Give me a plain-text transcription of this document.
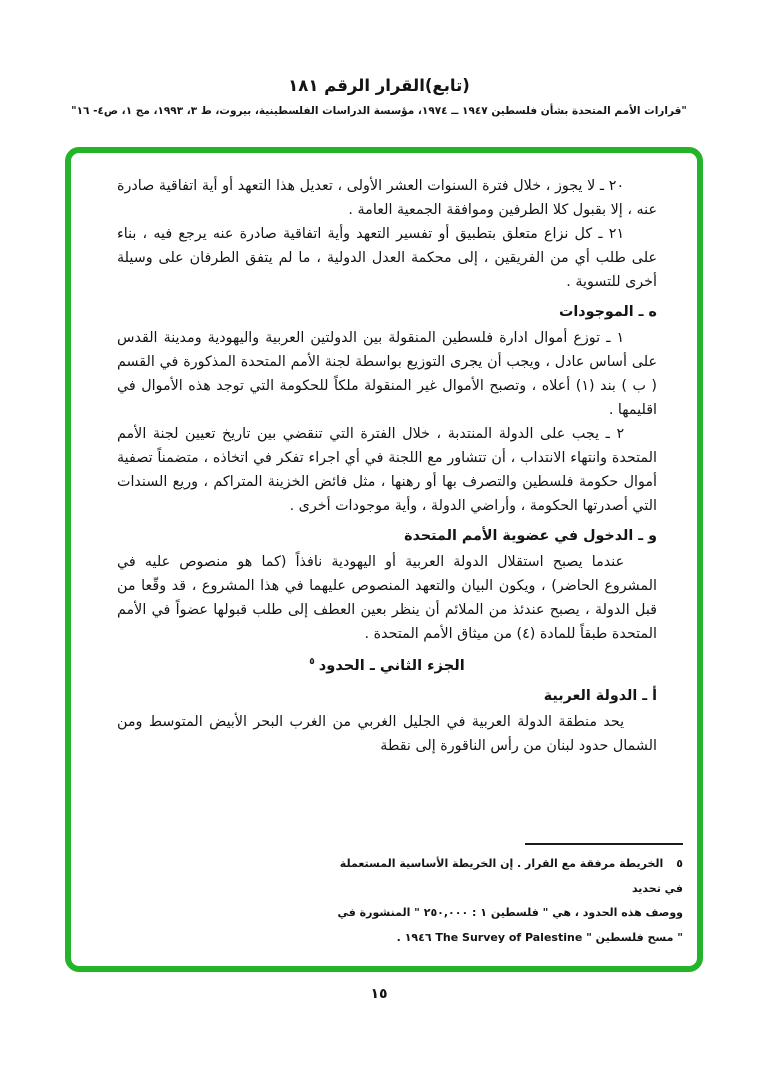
(تابع)القرار الرقم ١٨١
"قرارات الأمم المتحدة بشأن فلسطين ١٩٤٧ ــ ١٩٧٤، مؤسسة الدراسات الفلسطينية، بيروت، ط ٣، ١٩٩٣، مج ١، ص٤- ١٦"

٢٠ ـ لا يجوز ، خلال فترة السنوات العشر الأولى ، تعديل هذا التعهد أو أية اتفاقية صادرة عنه ، إلا بقبول كلا الطرفين وموافقة الجمعية العامة .

٢١ ـ كل نزاع متعلق بتطبيق أو تفسير التعهد وأية اتفاقية صادرة عنه يرجع فيه ، بناء على طلب أي من الفريقين ، إلى محكمة العدل الدولية ، ما لم يتفق الطرفان على وسيلة أخرى للتسوية .

ه ـ الموجودات

١ ـ توزع أموال ادارة فلسطين المنقولة بين الدولتين العربية واليهودية ومدينة القدس على أساس عادل ، ويجب أن يجرى التوزيع بواسطة لجنة الأمم المتحدة المذكورة في القسم ( ب ) بند (١) أعلاه ، وتصبح الأموال غير المنقولة ملكاً للحكومة التي توجد هذه الأموال في اقليمها .

٢ ـ يجب على الدولة المنتدبة ، خلال الفترة التي تنقضي بين تاريخ تعيين لجنة الأمم المتحدة وانتهاء الانتداب ، أن تتشاور مع اللجنة في أي اجراء تفكر في اتخاذه ، متضمناً تصفية أموال حكومة فلسطين والتصرف بها أو رهنها ، مثل فائض الخزينة المتراكم ، وريع السندات التي أصدرتها الحكومة ، وأراضي الدولة ، وأية موجودات أخرى .

و ـ الدخول في عضوية الأمم المتحدة

عندما يصبح استقلال الدولة العربية أو اليهودية نافذاً (كما هو منصوص عليه في المشروع الحاضر) ، ويكون البيان والتعهد المنصوص عليهما في هذا المشروع ، قد وقّعا من قبل الدولة ، يصبح عندئذ من الملائم أن ينظر بعين العطف إلى طلب قبولها عضواً في الأمم المتحدة طبقاً للمادة (٤) من ميثاق الأمم المتحدة .

الجزء الثاني ـ الحدود$^٥$
أ ـ الدولة العربية

يحد منطقة الدولة العربية في الجليل الغربي من الغرب البحر الأبيض المتوسط ومن الشمال حدود لبنان من رأس الناقورة إلى نقطة

٥الخريطة مرفقة مع القرار . إن الخريطة الأساسية المستعملة في تحديد
ووصف هذه الحدود ، هي " فلسطين ١ : ٢٥٠,٠٠٠ " المنشورة في
" مسح فلسطين " The Survey of Palestine ١٩٤٦ .
١٥
